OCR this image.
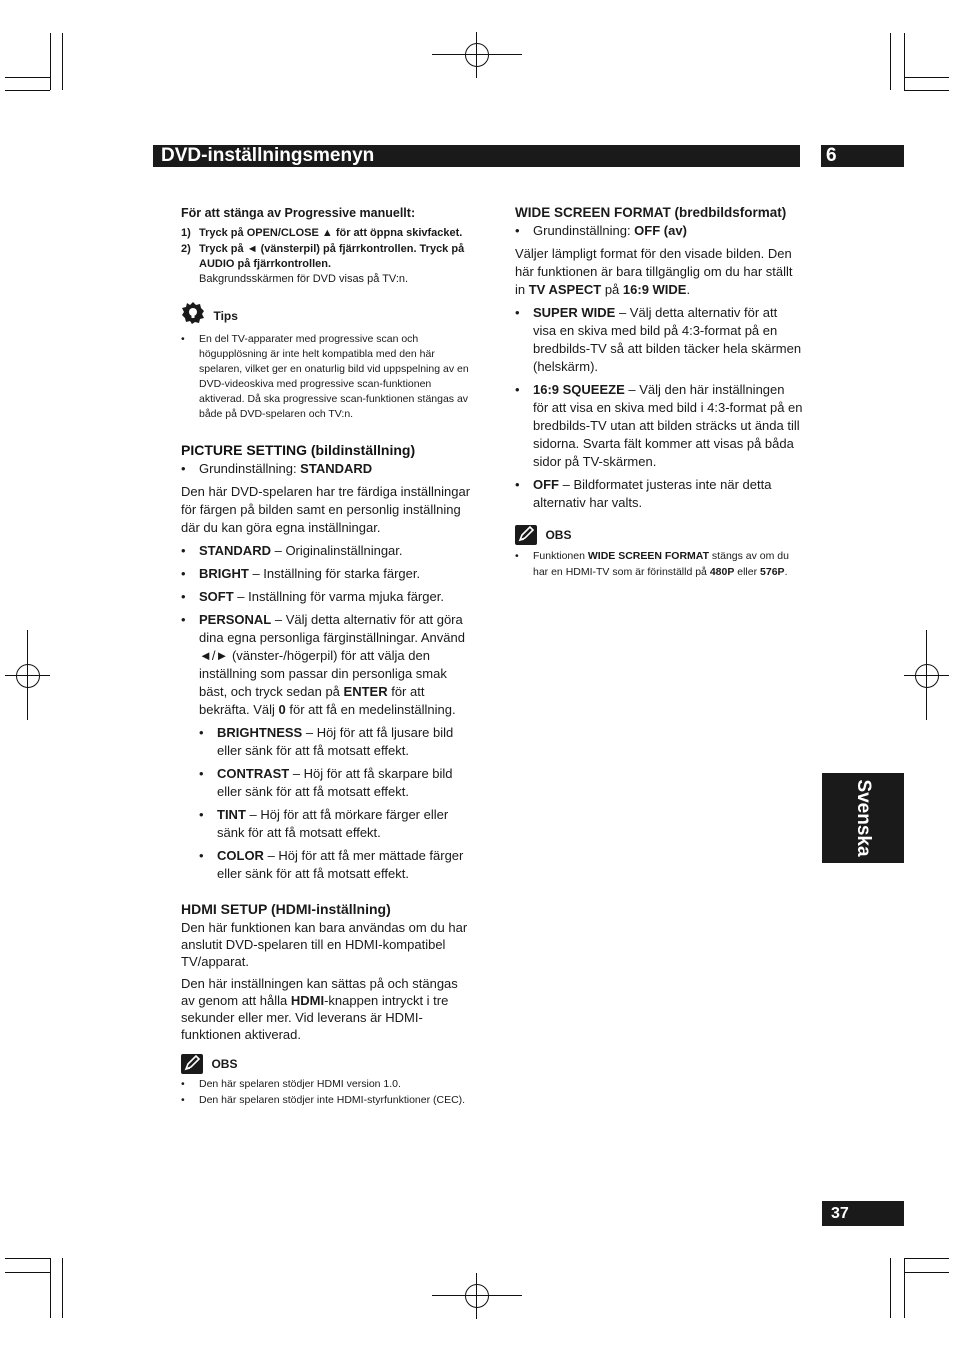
DVD-inställningsmenyn	6
Svenska
37
För att stänga av Progressive manuellt:
1) Tryck på OPEN/CLOSE ▲ för att öppna skivfacket.
2) Tryck på ◄ (vänsterpil) på fjärrkontrollen. Tryck på AUDIO på fjärrkontrollen.
Bakgrundsskärmen för DVD visas på TV:n.
Tips
•	En del TV-apparater med progressive scan och högupplösning är inte helt kompatibla med den här spelaren, vilket ger en onaturlig bild vid uppspelning av en DVD-videoskiva med progressive scan-funktionen aktiverad. Då ska progressive scan-funktionen stängas av både på DVD-spelaren och TV:n.
PICTURE SETTING (bildinställning)
•	Grundinställning: STANDARD
Den här DVD-spelaren har tre färdiga inställningar för färgen på bilden samt en personlig inställning där du kan göra egna inställningar.
•	STANDARD – Originalinställningar.
•	BRIGHT – Inställning för starka färger.
•	SOFT – Inställning för varma mjuka färger.
•	PERSONAL – Välj detta alternativ för att göra dina egna personliga färginställningar. Använd ◄/► (vänster-/högerpil) för att välja den inställning som passar din personliga smak bäst, och tryck sedan på ENTER för att bekräfta. Välj 0 för att få en medelinställning.
•	BRIGHTNESS – Höj för att få ljusare bild eller sänk för att få motsatt effekt.
•	CONTRAST – Höj för att få skarpare bild eller sänk för att få motsatt effekt.
•	TINT – Höj för att få mörkare färger eller sänk för att få motsatt effekt.
•	COLOR – Höj för att få mer mättade färger eller sänk för att få motsatt effekt.
HDMI SETUP (HDMI-inställning)
Den här funktionen kan bara användas om du har anslutit DVD-spelaren till en HDMI-kompatibel TV/apparat.
Den här inställningen kan sättas på och stängas av genom att hålla HDMI-knappen intryckt i tre sekunder eller mer. Vid leverans är HDMI-funktionen aktiverad.
OBS
•	Den här spelaren stödjer HDMI version 1.0.
•	Den här spelaren stödjer inte HDMI-styrfunktioner (CEC).
WIDE SCREEN FORMAT (bredbildsformat)
•	Grundinställning: OFF (av)
Väljer lämpligt format för den visade bilden. Den här funktionen är bara tillgänglig om du har ställt in TV ASPECT på 16:9 WIDE.
•	SUPER WIDE – Välj detta alternativ för att visa en skiva med bild på 4:3-format på en bredbilds-TV så att bilden täcker hela skärmen (helskärm).
•	16:9 SQUEEZE – Välj den här inställningen för att visa en skiva med bild i 4:3-format på en bredbilds-TV utan att bilden sträcks ut ända till sidorna. Svarta fält kommer att visas på båda sidor på TV-skärmen.
•	OFF – Bildformatet justeras inte när detta alternativ har valts.
OBS
•	Funktionen WIDE SCREEN FORMAT stängs av om du har en HDMI-TV som är förinställd på 480P eller 576P.
